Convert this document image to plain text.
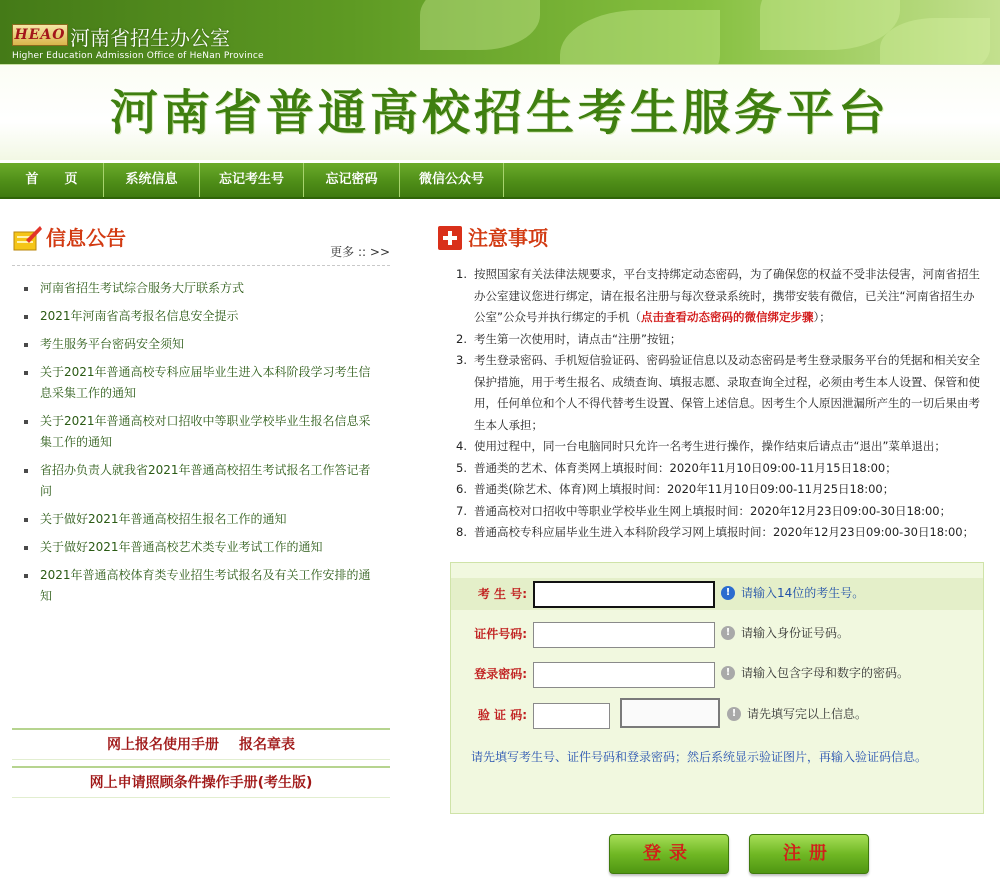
HEAO 河南省招生办公室
Higher Education Admission Office of HeNan Province
河南省普通高校招生考生服务平台
首　　页	系统信息	忘记考生号	忘记密码	微信公众号
信息公告
更多 :: >>
河南省招生考试综合服务大厅联系方式
2021年河南省高考报名信息安全提示
考生服务平台密码安全须知
关于2021年普通高校专科应届毕业生进入本科阶段学习考生信息采集工作的通知
关于2021年普通高校对口招收中等职业学校毕业生报名信息采集工作的通知
省招办负责人就我省2021年普通高校招生考试报名工作答记者问
关于做好2021年普通高校招生报名工作的通知
关于做好2021年普通高校艺术类专业考试工作的通知
2021年普通高校体育类专业招生考试报名及有关工作安排的通知
网上报名使用手册 报名章表
网上申请照顾条件操作手册(考生版)
注意事项
1. 按照国家有关法律法规要求，平台支持绑定动态密码，为了确保您的权益不受非法侵害，河南省招生办公室建议您进行绑定，请在报名注册与每次登录系统时，携带安装有微信，已关注“河南省招生办公室”公众号并执行绑定的手机（点击查看动态密码的微信绑定步骤）；
2. 考生第一次使用时，请点击“注册”按钮；
3. 考生登录密码、手机短信验证码、密码验证信息以及动态密码是考生登录服务平台的凭据和相关安全保护措施，用于考生报名、成绩查询、填报志愿、录取查询全过程，必须由考生本人设置、保管和使用，任何单位和个人不得代替考生设置、保管上述信息。因考生个人原因泄漏所产生的一切后果由考生本人承担；
4. 使用过程中，同一台电脑同时只允许一名考生进行操作，操作结束后请点击“退出”菜单退出；
5. 普通类的艺术、体育类网上填报时间：2020年11月10日09:00-11月15日18:00；
6. 普通类(除艺术、体育)网上填报时间：2020年11月10日09:00-11月25日18:00；
7. 普通高校对口招收中等职业学校毕业生网上填报时间：2020年12月23日09:00-30日18:00；
8. 普通高校专科应届毕业生进入本科阶段学习网上填报时间：2020年12月23日09:00-30日18:00；
考 生 号:	! 请输入14位的考生号。
证件号码:	! 请输入身份证号码。
登录密码:	! 请输入包含字母和数字的密码。
验 证 码:	! 请先填写完以上信息。
请先填写考生号、证件号码和登录密码；然后系统显示验证图片，再输入验证码信息。
登录	注册
